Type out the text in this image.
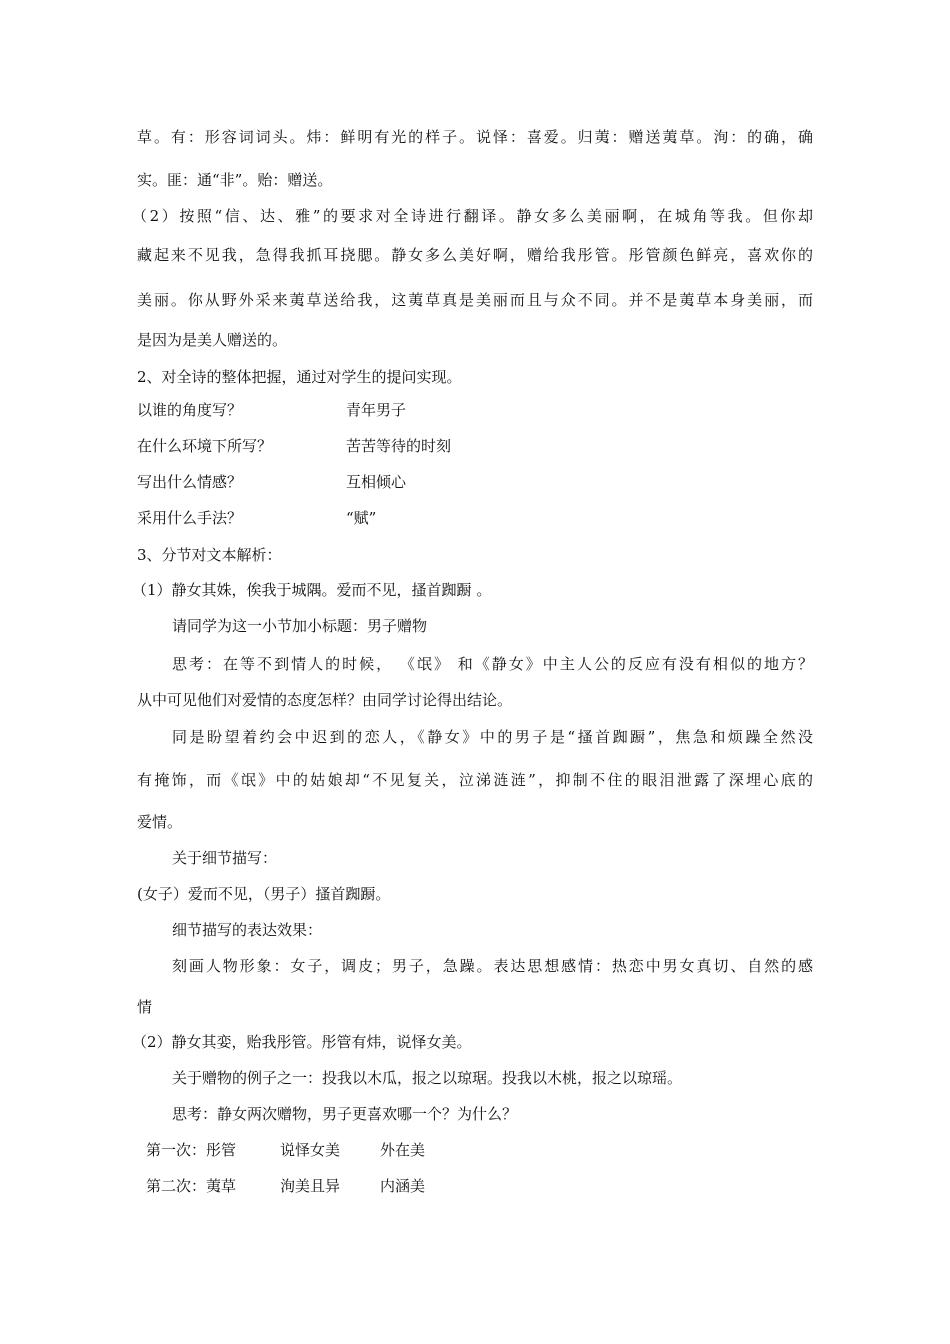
草。有：形容词词头。炜：鲜明有光的样子。说怿：喜爱。归荑：赠送荑草。洵：的确，确
实。匪：通“非”。贻：赠送。
（2）按照“信、达、雅”的要求对全诗进行翻译。静女多么美丽啊，在城角等我。但你却
藏起来不见我，急得我抓耳挠腮。静女多么美好啊，赠给我彤管。彤管颜色鲜亮，喜欢你的
美丽。你从野外采来荑草送给我，这荑草真是美丽而且与众不同。并不是荑草本身美丽，而
是因为是美人赠送的。
2、对全诗的整体把握，通过对学生的提问实现。
以谁的角度写？	青年男子
在什么环境下所写？	苦苦等待的时刻
写出什么情感？	互相倾心
采用什么手法？	“赋”
3、分节对文本解析：
（1）静女其姝，俟我于城隅。爱而不见，搔首踟蹰 。
请同学为这一小节加小标题：男子赠物
思考：在等不到情人的时候， 《氓》 和《静女》中主人公的反应有没有相似的地方？
从中可见他们对爱情的态度怎样？由同学讨论得出结论。
同是盼望着约会中迟到的恋人，《静女》中的男子是“搔首踟蹰”，焦急和烦躁全然没
有掩饰，而《氓》中的姑娘却“不见复关，泣涕涟涟”，抑制不住的眼泪泄露了深埋心底的
爱情。
关于细节描写：
(女子）爱而不见，（男子）搔首踟蹰。
细节描写的表达效果：
刻画人物形象：女子，调皮；男子，急躁。表达思想感情：热恋中男女真切、自然的感
情
（2）静女其娈，贻我彤管。彤管有炜，说怿女美。
关于赠物的例子之一：投我以木瓜，报之以琼琚。投我以木桃，报之以琼瑶。
思考：静女两次赠物，男子更喜欢哪一个？为什么？
第一次：彤管	说怿女美	外在美
第二次：荑草	洵美且异	内涵美
